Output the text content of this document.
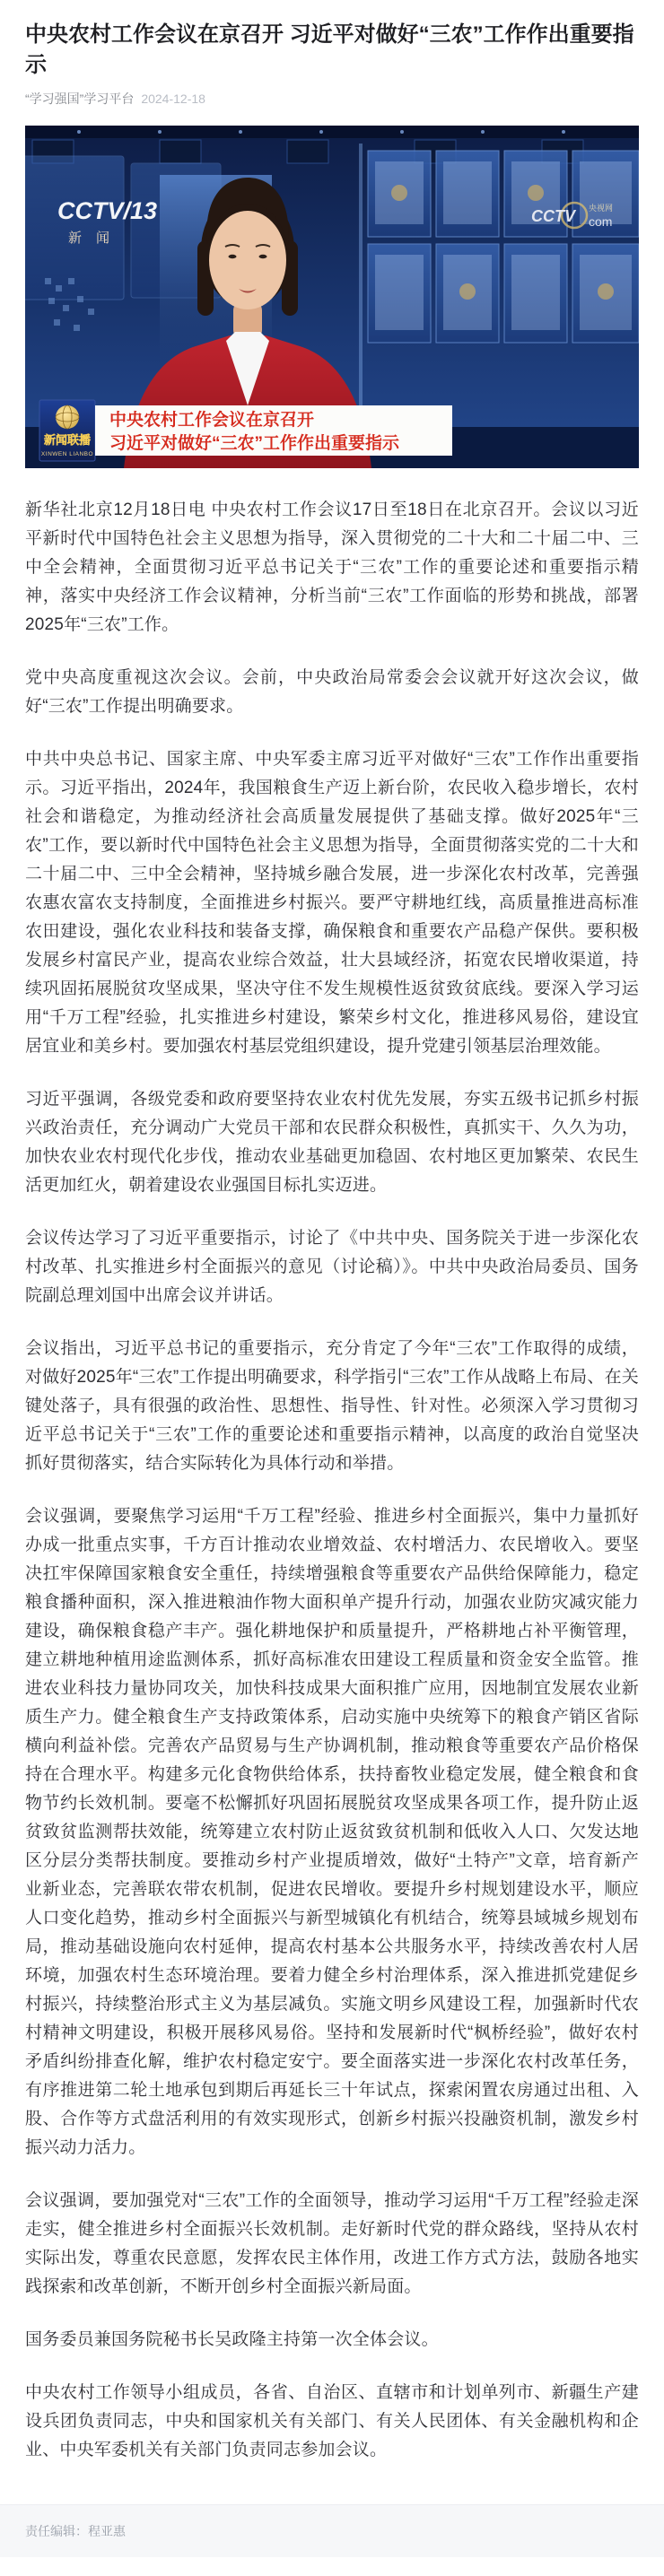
中央农村工作会议在京召开 习近平对做好“三农”工作作出重要指示
“学习强国”学习平台 2024-12-18
CCTV/13
新闻
CCTV 央视网
com
新闻联播
XINWEN LIANBO
中央农村工作会议在京召开
习近平对做好“三农”工作作出重要指示

新华社北京12月18日电 中央农村工作会议17日至18日在北京召开。会议以习近平新时代中国特色社会主义思想为指导，深入贯彻党的二十大和二十届二中、三中全会精神，全面贯彻习近平总书记关于“三农”工作的重要论述和重要指示精神，落实中央经济工作会议精神，分析当前“三农”工作面临的形势和挑战，部署2025年“三农”工作。

党中央高度重视这次会议。会前，中央政治局常委会会议就开好这次会议，做好“三农”工作提出明确要求。

中共中央总书记、国家主席、中央军委主席习近平对做好“三农”工作作出重要指示。习近平指出，2024年，我国粮食生产迈上新台阶，农民收入稳步增长，农村社会和谐稳定，为推动经济社会高质量发展提供了基础支撑。做好2025年“三农”工作，要以新时代中国特色社会主义思想为指导，全面贯彻落实党的二十大和二十届二中、三中全会精神，坚持城乡融合发展，进一步深化农村改革，完善强农惠农富农支持制度，全面推进乡村振兴。要严守耕地红线，高质量推进高标准农田建设，强化农业科技和装备支撑，确保粮食和重要农产品稳产保供。要积极发展乡村富民产业，提高农业综合效益，壮大县域经济，拓宽农民增收渠道，持续巩固拓展脱贫攻坚成果，坚决守住不发生规模性返贫致贫底线。要深入学习运用“千万工程”经验，扎实推进乡村建设，繁荣乡村文化，推进移风易俗，建设宜居宜业和美乡村。要加强农村基层党组织建设，提升党建引领基层治理效能。

习近平强调，各级党委和政府要坚持农业农村优先发展，夯实五级书记抓乡村振兴政治责任，充分调动广大党员干部和农民群众积极性，真抓实干、久久为功，加快农业农村现代化步伐，推动农业基础更加稳固、农村地区更加繁荣、农民生活更加红火，朝着建设农业强国目标扎实迈进。

会议传达学习了习近平重要指示，讨论了《中共中央、国务院关于进一步深化农村改革、扎实推进乡村全面振兴的意见（讨论稿）》。中共中央政治局委员、国务院副总理刘国中出席会议并讲话。

会议指出，习近平总书记的重要指示，充分肯定了今年“三农”工作取得的成绩，对做好2025年“三农”工作提出明确要求，科学指引“三农”工作从战略上布局、在关键处落子，具有很强的政治性、思想性、指导性、针对性。必须深入学习贯彻习近平总书记关于“三农”工作的重要论述和重要指示精神，以高度的政治自觉坚决抓好贯彻落实，结合实际转化为具体行动和举措。

会议强调，要聚焦学习运用“千万工程”经验、推进乡村全面振兴，集中力量抓好办成一批重点实事，千方百计推动农业增效益、农村增活力、农民增收入。要坚决扛牢保障国家粮食安全重任，持续增强粮食等重要农产品供给保障能力，稳定粮食播种面积，深入推进粮油作物大面积单产提升行动，加强农业防灾减灾能力建设，确保粮食稳产丰产。强化耕地保护和质量提升，严格耕地占补平衡管理，建立耕地种植用途监测体系，抓好高标准农田建设工程质量和资金安全监管。推进农业科技力量协同攻关，加快科技成果大面积推广应用，因地制宜发展农业新质生产力。健全粮食生产支持政策体系，启动实施中央统筹下的粮食产销区省际横向利益补偿。完善农产品贸易与生产协调机制，推动粮食等重要农产品价格保持在合理水平。构建多元化食物供给体系，扶持畜牧业稳定发展，健全粮食和食物节约长效机制。要毫不松懈抓好巩固拓展脱贫攻坚成果各项工作，提升防止返贫致贫监测帮扶效能，统筹建立农村防止返贫致贫机制和低收入人口、欠发达地区分层分类帮扶制度。要推动乡村产业提质增效，做好“土特产”文章，培育新产业新业态，完善联农带农机制，促进农民增收。要提升乡村规划建设水平，顺应人口变化趋势，推动乡村全面振兴与新型城镇化有机结合，统筹县域城乡规划布局，推动基础设施向农村延伸，提高农村基本公共服务水平，持续改善农村人居环境，加强农村生态环境治理。要着力健全乡村治理体系，深入推进抓党建促乡村振兴，持续整治形式主义为基层减负。实施文明乡风建设工程，加强新时代农村精神文明建设，积极开展移风易俗。坚持和发展新时代“枫桥经验”，做好农村矛盾纠纷排查化解，维护农村稳定安宁。要全面落实进一步深化农村改革任务，有序推进第二轮土地承包到期后再延长三十年试点，探索闲置农房通过出租、入股、合作等方式盘活利用的有效实现形式，创新乡村振兴投融资机制，激发乡村振兴动力活力。

会议强调，要加强党对“三农”工作的全面领导，推动学习运用“千万工程”经验走深走实，健全推进乡村全面振兴长效机制。走好新时代党的群众路线，坚持从农村实际出发，尊重农民意愿，发挥农民主体作用，改进工作方式方法，鼓励各地实践探索和改革创新，不断开创乡村全面振兴新局面。

国务委员兼国务院秘书长吴政隆主持第一次全体会议。

中央农村工作领导小组成员，各省、自治区、直辖市和计划单列市、新疆生产建设兵团负责同志，中央和国家机关有关部门、有关人民团体、有关金融机构和企业、中央军委机关有关部门负责同志参加会议。

责任编辑：程亚惠
